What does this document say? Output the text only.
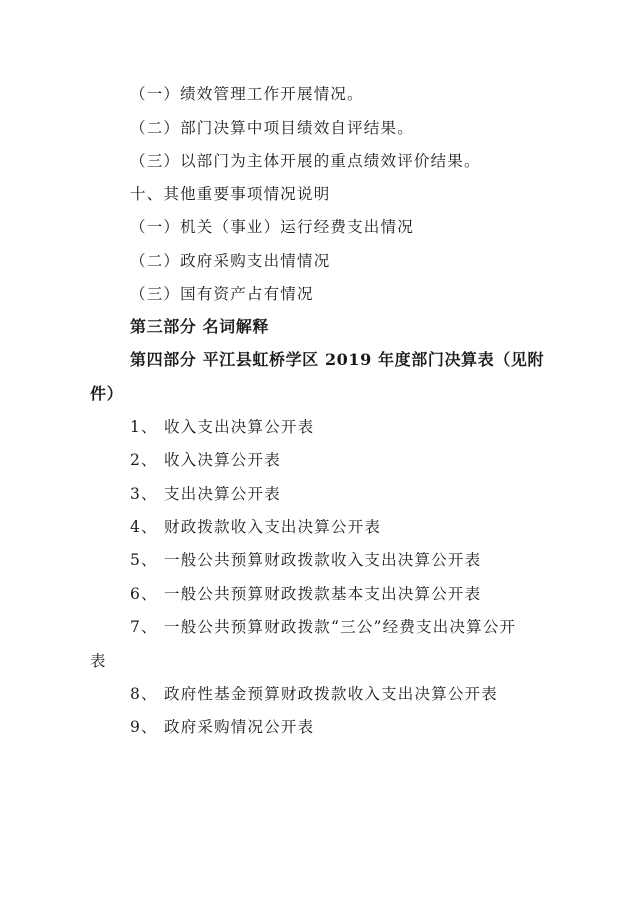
（一）绩效管理工作开展情况。
（二）部门决算中项目绩效自评结果。
（三）以部门为主体开展的重点绩效评价结果。
十、其他重要事项情况说明
（一）机关（事业）运行经费支出情况
（二）政府采购支出情情况
（三）国有资产占有情况
第三部分 名词解释
第四部分 平江县虹桥学区 2019 年度部门决算表（见附
件）
1、 收入支出决算公开表
2、 收入决算公开表
3、 支出决算公开表
4、 财政拨款收入支出决算公开表
5、 一般公共预算财政拨款收入支出决算公开表
6、 一般公共预算财政拨款基本支出决算公开表
7、 一般公共预算财政拨款“三公”经费支出决算公开
表
8、 政府性基金预算财政拨款收入支出决算公开表
9、 政府采购情况公开表
